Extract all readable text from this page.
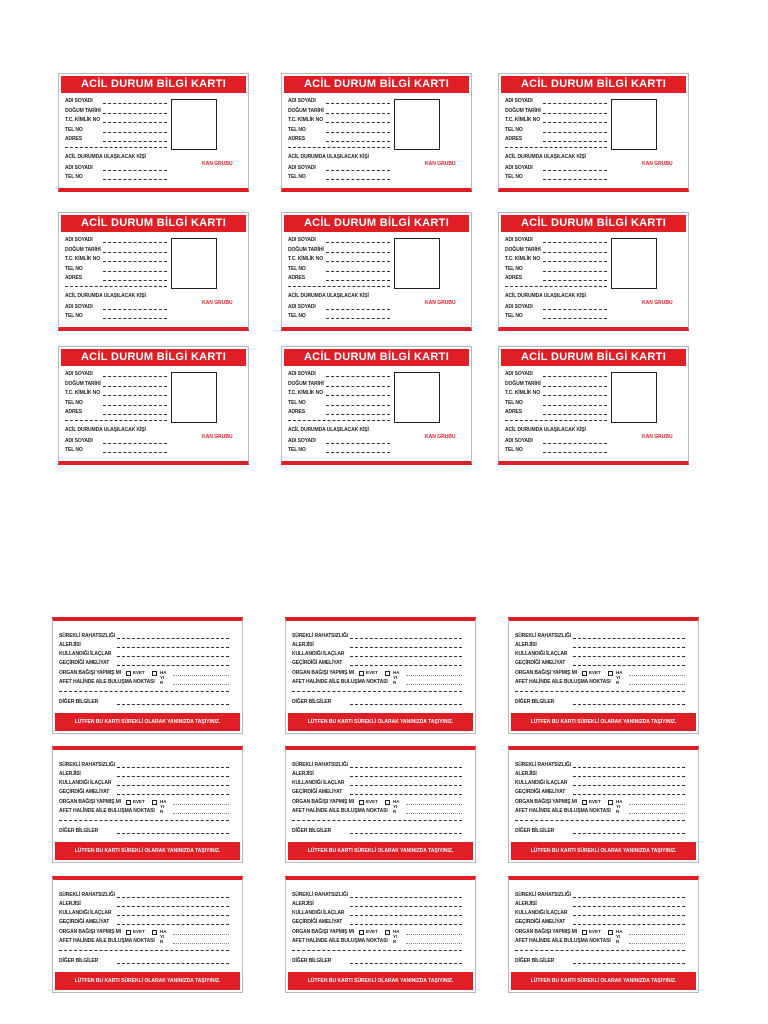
ACİL DURUM BİLGİ KARTI
ADI SOYADI
DOĞUM TARİHİ
T.C. KİMLİK NO
TEL NO
ADRES
ACİL DURUMDA ULAŞILACAK KİŞİ
ADI SOYADI
TEL NO
KAN GRUBU
ACİL DURUM BİLGİ KARTI
ADI SOYADI
DOĞUM TARİHİ
T.C. KİMLİK NO
TEL NO
ADRES
ACİL DURUMDA ULAŞILACAK KİŞİ
ADI SOYADI
TEL NO
KAN GRUBU
ACİL DURUM BİLGİ KARTI
ADI SOYADI
DOĞUM TARİHİ
T.C. KİMLİK NO
TEL NO
ADRES
ACİL DURUMDA ULAŞILACAK KİŞİ
ADI SOYADI
TEL NO
KAN GRUBU
ACİL DURUM BİLGİ KARTI
ADI SOYADI
DOĞUM TARİHİ
T.C. KİMLİK NO
TEL NO
ADRES
ACİL DURUMDA ULAŞILACAK KİŞİ
ADI SOYADI
TEL NO
KAN GRUBU
ACİL DURUM BİLGİ KARTI
ADI SOYADI
DOĞUM TARİHİ
T.C. KİMLİK NO
TEL NO
ADRES
ACİL DURUMDA ULAŞILACAK KİŞİ
ADI SOYADI
TEL NO
KAN GRUBU
ACİL DURUM BİLGİ KARTI
ADI SOYADI
DOĞUM TARİHİ
T.C. KİMLİK NO
TEL NO
ADRES
ACİL DURUMDA ULAŞILACAK KİŞİ
ADI SOYADI
TEL NO
KAN GRUBU
ACİL DURUM BİLGİ KARTI
ADI SOYADI
DOĞUM TARİHİ
T.C. KİMLİK NO
TEL NO
ADRES
ACİL DURUMDA ULAŞILACAK KİŞİ
ADI SOYADI
TEL NO
KAN GRUBU
ACİL DURUM BİLGİ KARTI
ADI SOYADI
DOĞUM TARİHİ
T.C. KİMLİK NO
TEL NO
ADRES
ACİL DURUMDA ULAŞILACAK KİŞİ
ADI SOYADI
TEL NO
KAN GRUBU
ACİL DURUM BİLGİ KARTI
ADI SOYADI
DOĞUM TARİHİ
T.C. KİMLİK NO
TEL NO
ADRES
ACİL DURUMDA ULAŞILACAK KİŞİ
ADI SOYADI
TEL NO
KAN GRUBU
SÜREKLİ RAHATSIZLIĞI
ALERJİSİ
KULLANDIĞI İLAÇLAR
GEÇİRDİĞİ AMELİYAT
ORGAN BAĞIŞI YAPMIŞ MI	EVET	HAYIR
AFET HALİNDE AİLE BULUŞMA NOKTASI
DİĞER BİLGİLER
LÜTFEN BU KARTI SÜREKLİ OLARAK YANINIZDA TAŞIYINIZ.
SÜREKLİ RAHATSIZLIĞI
ALERJİSİ
KULLANDIĞI İLAÇLAR
GEÇİRDİĞİ AMELİYAT
ORGAN BAĞIŞI YAPMIŞ MI	EVET	HAYIR
AFET HALİNDE AİLE BULUŞMA NOKTASI
DİĞER BİLGİLER
LÜTFEN BU KARTI SÜREKLİ OLARAK YANINIZDA TAŞIYINIZ.
SÜREKLİ RAHATSIZLIĞI
ALERJİSİ
KULLANDIĞI İLAÇLAR
GEÇİRDİĞİ AMELİYAT
ORGAN BAĞIŞI YAPMIŞ MI	EVET	HAYIR
AFET HALİNDE AİLE BULUŞMA NOKTASI
DİĞER BİLGİLER
LÜTFEN BU KARTI SÜREKLİ OLARAK YANINIZDA TAŞIYINIZ.
SÜREKLİ RAHATSIZLIĞI
ALERJİSİ
KULLANDIĞI İLAÇLAR
GEÇİRDİĞİ AMELİYAT
ORGAN BAĞIŞI YAPMIŞ MI	EVET	HAYIR
AFET HALİNDE AİLE BULUŞMA NOKTASI
DİĞER BİLGİLER
LÜTFEN BU KARTI SÜREKLİ OLARAK YANINIZDA TAŞIYINIZ.
SÜREKLİ RAHATSIZLIĞI
ALERJİSİ
KULLANDIĞI İLAÇLAR
GEÇİRDİĞİ AMELİYAT
ORGAN BAĞIŞI YAPMIŞ MI	EVET	HAYIR
AFET HALİNDE AİLE BULUŞMA NOKTASI
DİĞER BİLGİLER
LÜTFEN BU KARTI SÜREKLİ OLARAK YANINIZDA TAŞIYINIZ.
SÜREKLİ RAHATSIZLIĞI
ALERJİSİ
KULLANDIĞI İLAÇLAR
GEÇİRDİĞİ AMELİYAT
ORGAN BAĞIŞI YAPMIŞ MI	EVET	HAYIR
AFET HALİNDE AİLE BULUŞMA NOKTASI
DİĞER BİLGİLER
LÜTFEN BU KARTI SÜREKLİ OLARAK YANINIZDA TAŞIYINIZ.
SÜREKLİ RAHATSIZLIĞI
ALERJİSİ
KULLANDIĞI İLAÇLAR
GEÇİRDİĞİ AMELİYAT
ORGAN BAĞIŞI YAPMIŞ MI	EVET	HAYIR
AFET HALİNDE AİLE BULUŞMA NOKTASI
DİĞER BİLGİLER
LÜTFEN BU KARTI SÜREKLİ OLARAK YANINIZDA TAŞIYINIZ.
SÜREKLİ RAHATSIZLIĞI
ALERJİSİ
KULLANDIĞI İLAÇLAR
GEÇİRDİĞİ AMELİYAT
ORGAN BAĞIŞI YAPMIŞ MI	EVET	HAYIR
AFET HALİNDE AİLE BULUŞMA NOKTASI
DİĞER BİLGİLER
LÜTFEN BU KARTI SÜREKLİ OLARAK YANINIZDA TAŞIYINIZ.
SÜREKLİ RAHATSIZLIĞI
ALERJİSİ
KULLANDIĞI İLAÇLAR
GEÇİRDİĞİ AMELİYAT
ORGAN BAĞIŞI YAPMIŞ MI	EVET	HAYIR
AFET HALİNDE AİLE BULUŞMA NOKTASI
DİĞER BİLGİLER
LÜTFEN BU KARTI SÜREKLİ OLARAK YANINIZDA TAŞIYINIZ.
